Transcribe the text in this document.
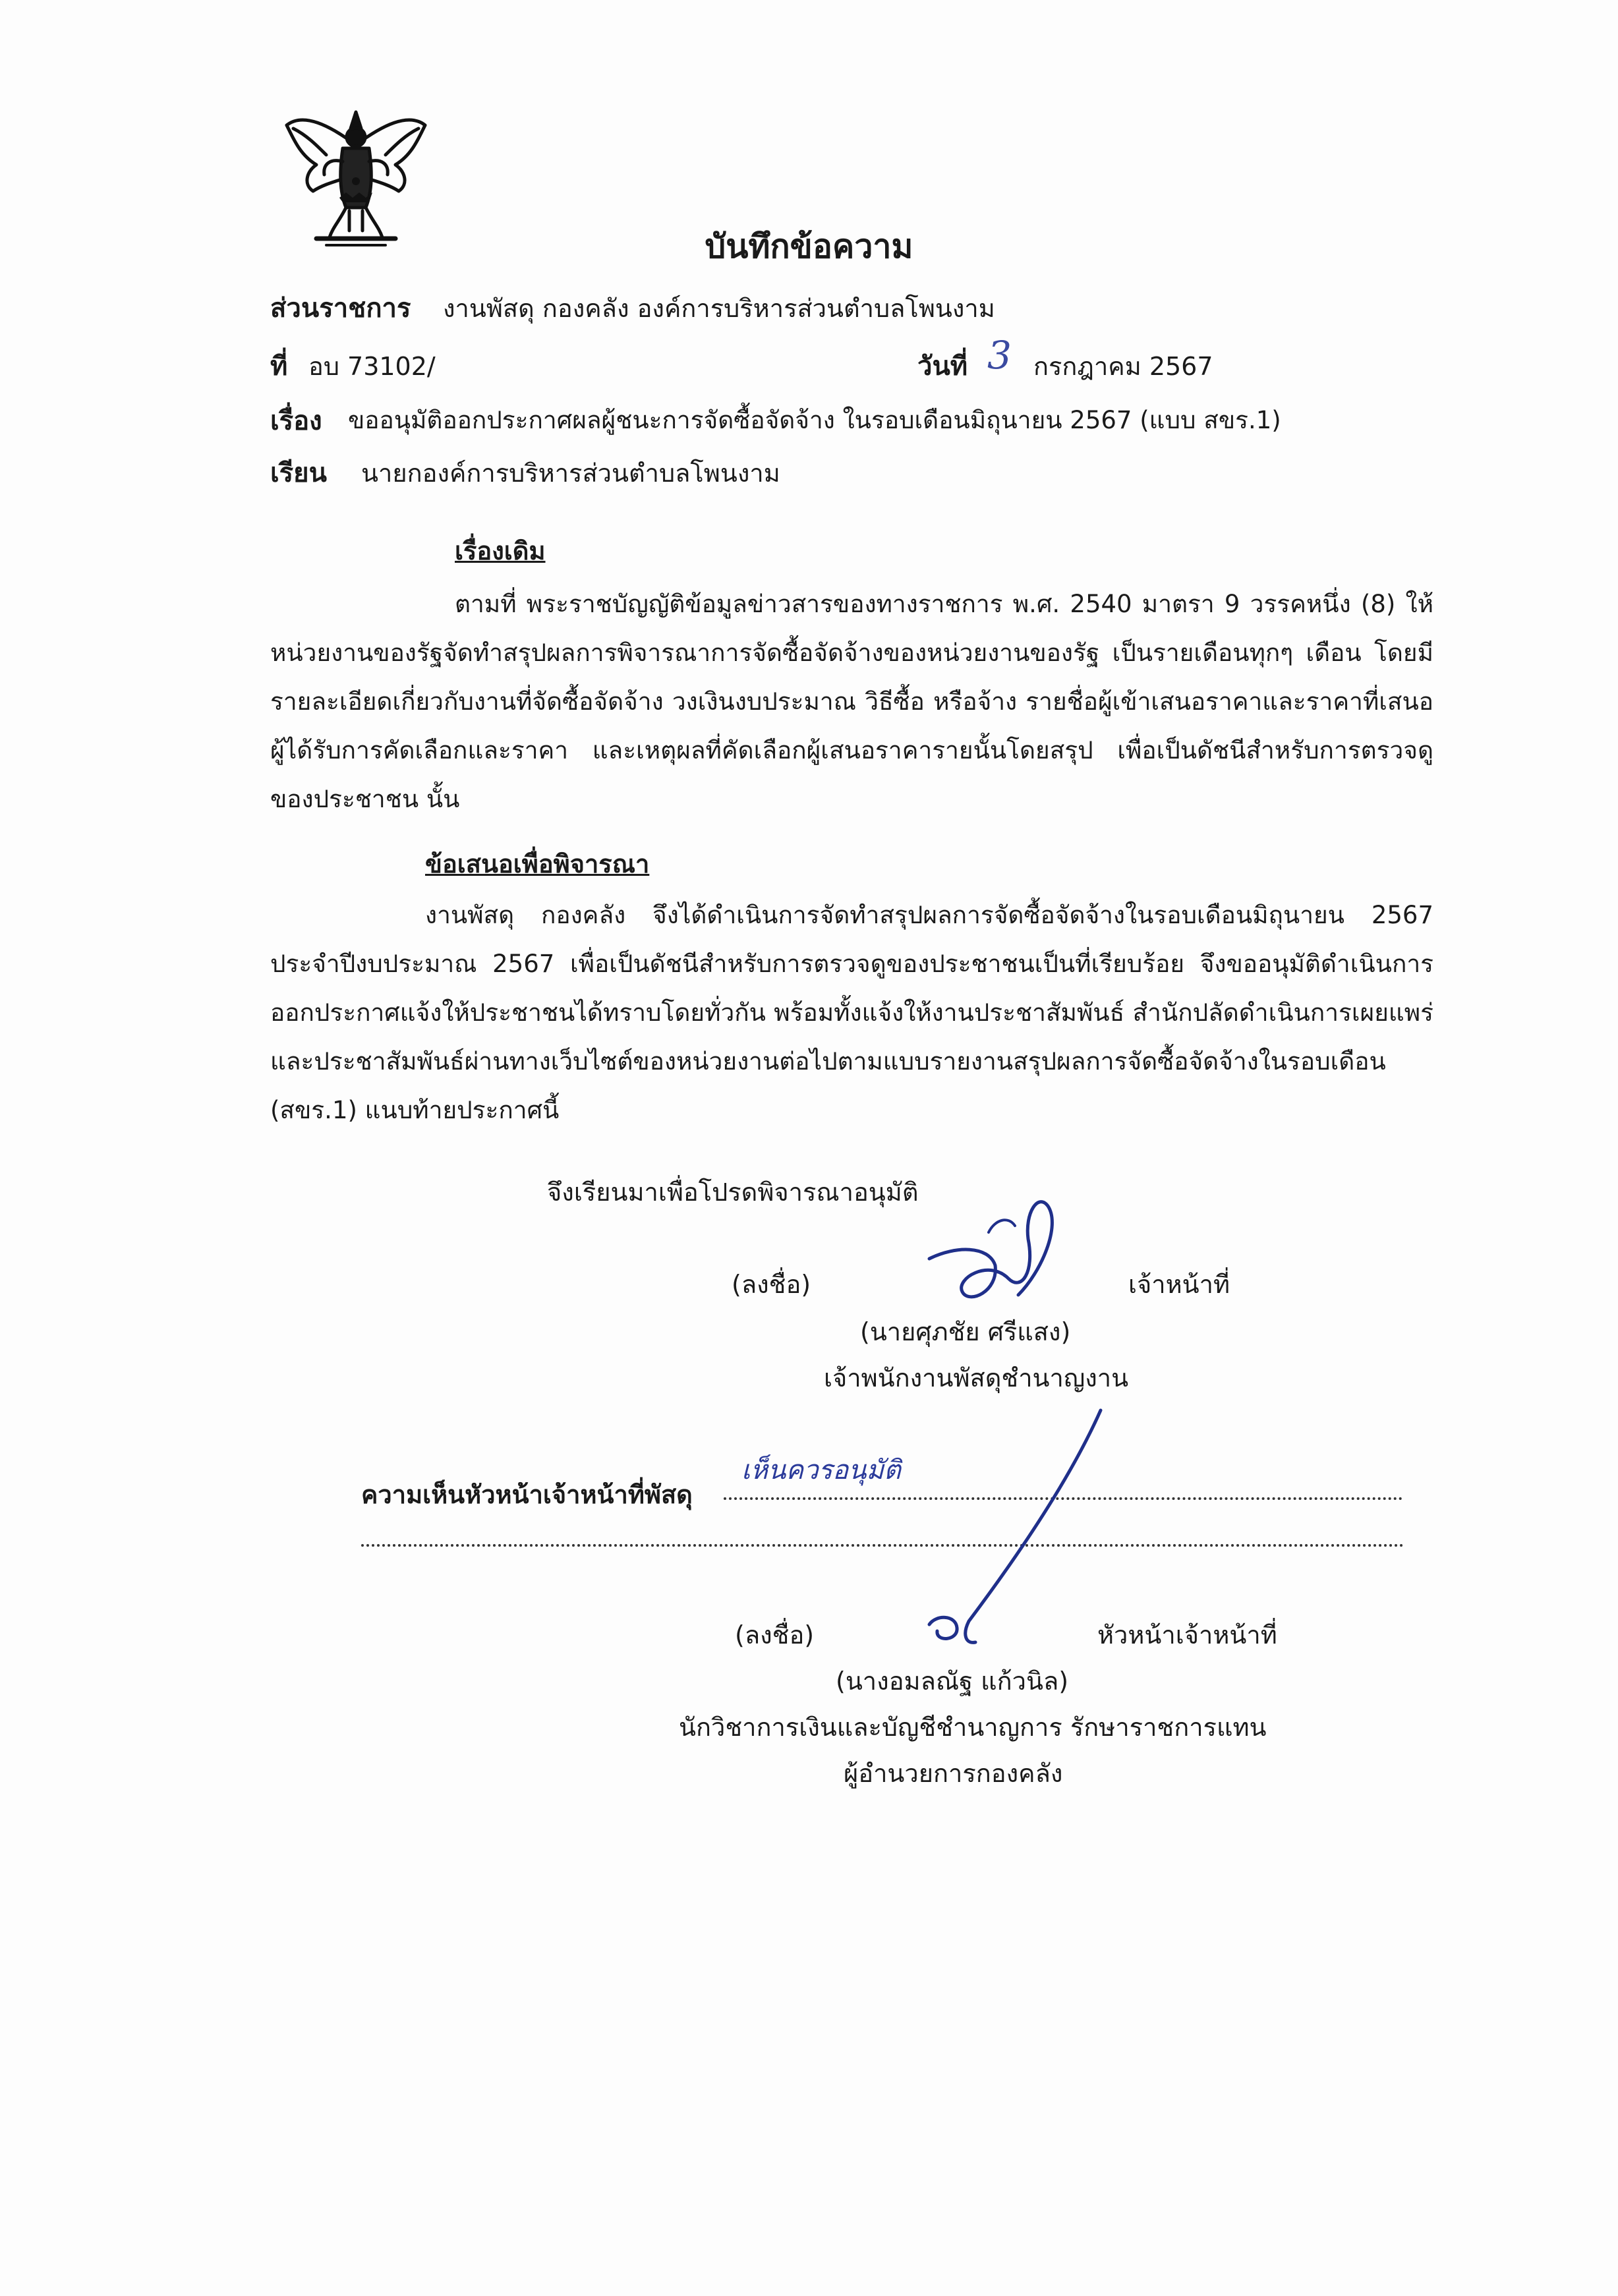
บันทึกข้อความ
ส่วนราชการ งานพัสดุ กองคลัง องค์การบริหารส่วนตำบลโพนงาม
ที่ อบ 73102/	วันที่ 3 กรกฎาคม 2567
เรื่อง ขออนุมัติออกประกาศผลผู้ชนะการจัดซื้อจัดจ้าง ในรอบเดือนมิถุนายน 2567 (แบบ สขร.1)
เรียน นายกองค์การบริหารส่วนตำบลโพนงาม
เรื่องเดิม

ตามที่ พระราชบัญญัติข้อมูลข่าวสารของทางราชการ พ.ศ. 2540 มาตรา 9 วรรคหนึ่ง (8) ให้หน่วยงานของรัฐจัดทำสรุปผลการพิจารณาการจัดซื้อจัดจ้างของหน่วยงานของรัฐ เป็นรายเดือนทุกๆ เดือน โดยมีรายละเอียดเกี่ยวกับงานที่จัดซื้อจัดจ้าง วงเงินงบประมาณ วิธีซื้อ หรือจ้าง รายชื่อผู้เข้าเสนอราคาและราคาที่เสนอ ผู้ได้รับการคัดเลือกและราคา และเหตุผลที่คัดเลือกผู้เสนอราคารายนั้นโดยสรุป เพื่อเป็นดัชนีสำหรับการตรวจดูของประชาชน นั้น

ข้อเสนอเพื่อพิจารณา

งานพัสดุ กองคลัง จึงได้ดำเนินการจัดทำสรุปผลการจัดซื้อจัดจ้างในรอบเดือนมิถุนายน 2567 ประจำปีงบประมาณ 2567 เพื่อเป็นดัชนีสำหรับการตรวจดูของประชาชนเป็นที่เรียบร้อย จึงขออนุมัติดำเนินการออกประกาศแจ้งให้ประชาชนได้ทราบโดยทั่วกัน พร้อมทั้งแจ้งให้งานประชาสัมพันธ์ สำนักปลัดดำเนินการเผยแพร่และประชาสัมพันธ์ผ่านทางเว็บไซต์ของหน่วยงานต่อไปตามแบบรายงานสรุปผลการจัดซื้อจัดจ้างในรอบเดือน (สขร.1) แนบท้ายประกาศนี้

จึงเรียนมาเพื่อโปรดพิจารณาอนุมัติ
(ลงชื่อ)	เจ้าหน้าที่
(นายศุภชัย ศรีแสง)
เจ้าพนักงานพัสดุชำนาญงาน
ความเห็นหัวหน้าเจ้าหน้าที่พัสดุ
เห็นควรอนุมัติ
(ลงชื่อ)	หัวหน้าเจ้าหน้าที่
(นางอมลณัฐ แก้วนิล)
นักวิชาการเงินและบัญชีชำนาญการ รักษาราชการแทน
ผู้อำนวยการกองคลัง
